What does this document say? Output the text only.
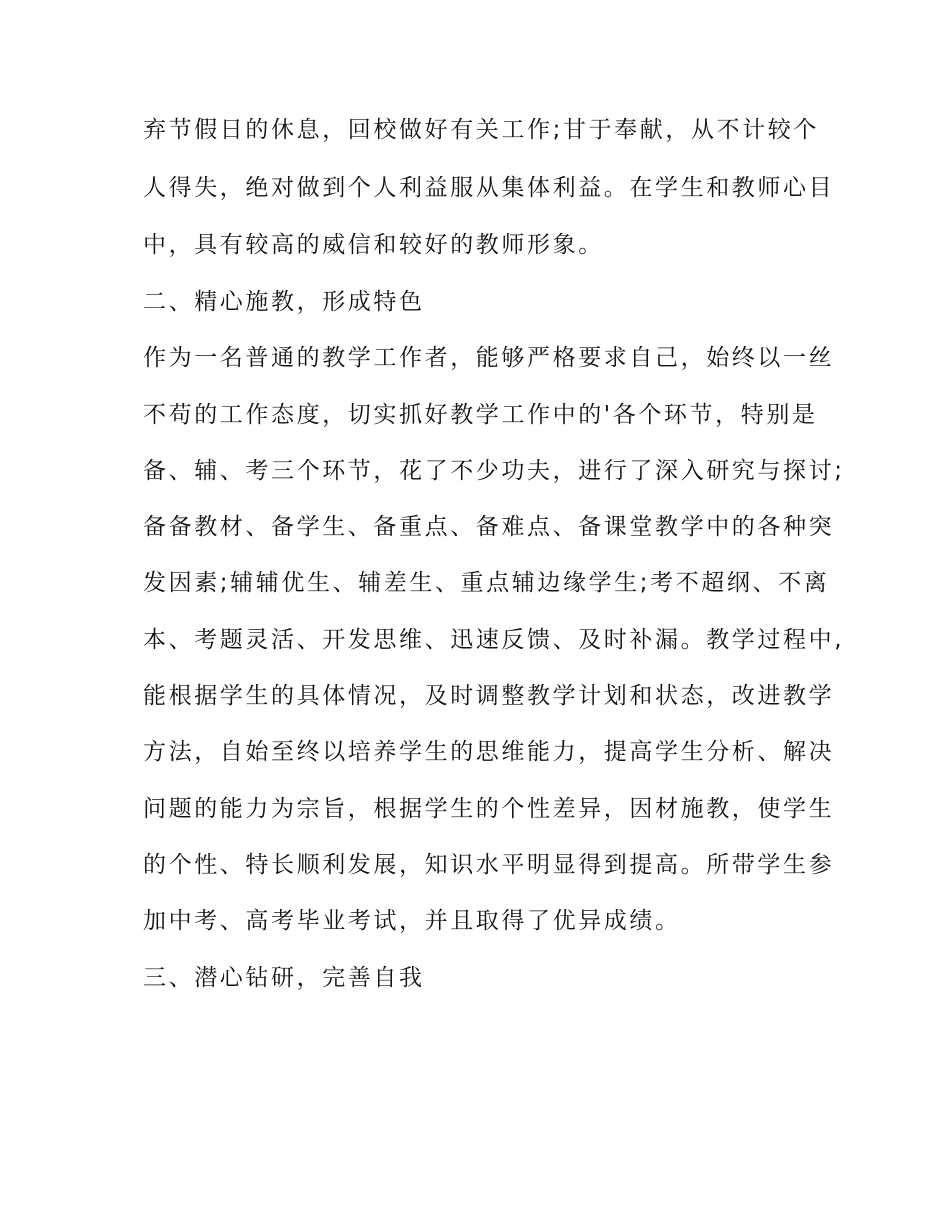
弃节假日的休息，回校做好有关工作;甘于奉献，从不计较个

人得失，绝对做到个人利益服从集体利益。在学生和教师心目

中，具有较高的威信和较好的教师形象。

二、精心施教，形成特色

作为一名普通的教学工作者，能够严格要求自己，始终以一丝

不苟的工作态度，切实抓好教学工作中的'各个环节，特别是

备、辅、考三个环节，花了不少功夫，进行了深入研究与探讨;

备备教材、备学生、备重点、备难点、备课堂教学中的各种突

发因素;辅辅优生、辅差生、重点辅边缘学生;考不超纲、不离

本、考题灵活、开发思维、迅速反馈、及时补漏。教学过程中,

能根据学生的具体情况，及时调整教学计划和状态，改进教学

方法，自始至终以培养学生的思维能力，提高学生分析、解决

问题的能力为宗旨，根据学生的个性差异，因材施教，使学生

的个性、特长顺利发展，知识水平明显得到提高。所带学生参

加中考、高考毕业考试，并且取得了优异成绩。

三、潜心钻研，完善自我
